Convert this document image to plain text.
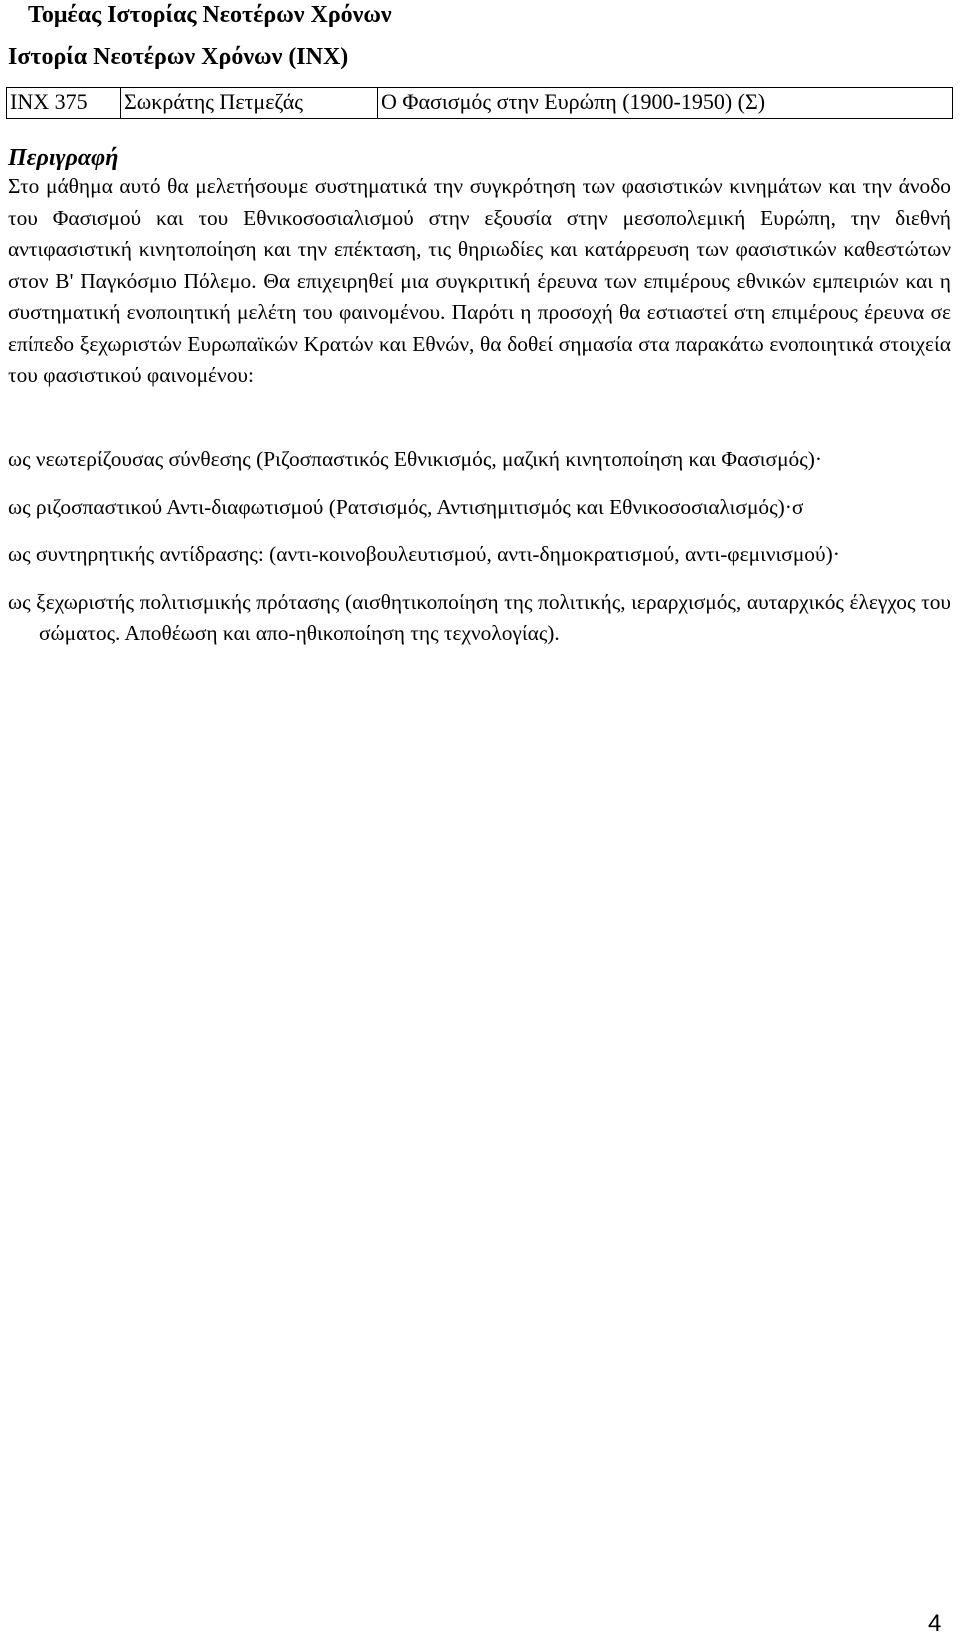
Τομέας Ιστορίας Νεοτέρων Χρόνων
Ιστορία Νεοτέρων Χρόνων (ΙΝΧ)
ΙΝΧ 375	Σωκράτης Πετμεζάς	Ο Φασισμός στην Ευρώπη (1900-1950) (Σ)
Περιγραφή

Στο μάθημα αυτό θα μελετήσουμε συστηματικά την συγκρότηση των φασιστικών κινημάτων και την άνοδο του Φασισμού και του Εθνικοσοσιαλισμού στην εξουσία στην μεσοπολεμική Ευρώπη, την διεθνή αντιφασιστική κινητοποίηση και την επέκταση, τις θηριωδίες και κατάρρευση των φασιστικών καθεστώτων στον Β' Παγκόσμιο Πόλεμο. Θα επιχειρηθεί μια συγκριτική έρευνα των επιμέρους εθνικών εμπειριών και η συστηματική ενοποιητική μελέτη του φαινομένου. Παρότι η προσοχή θα εστιαστεί στη επιμέρους έρευνα σε επίπεδο ξεχωριστών Ευρωπαϊκών Κρατών και Εθνών, θα δοθεί σημασία στα παρακάτω ενοποιητικά στοιχεία του φασιστικού φαινομένου:

ως νεωτερίζουσας σύνθεσης (Ριζοσπαστικός Εθνικισμός, μαζική κινητοποίηση και Φασισμός)·
ως ριζοσπαστικού Αντι-διαφωτισμού (Ρατσισμός, Αντισημιτισμός και Εθνικοσοσιαλισμός)·σ
ως συντηρητικής αντίδρασης: (αντι-κοινοβουλευτισμού, αντι-δημοκρατισμού, αντι-φεμινισμού)·
ως ξεχωριστής πολιτισμικής πρότασης (αισθητικοποίηση της πολιτικής, ιεραρχισμός, αυταρχικός έλεγχος του σώματος. Αποθέωση και απο-ηθικοποίηση της τεχνολογίας).
4
